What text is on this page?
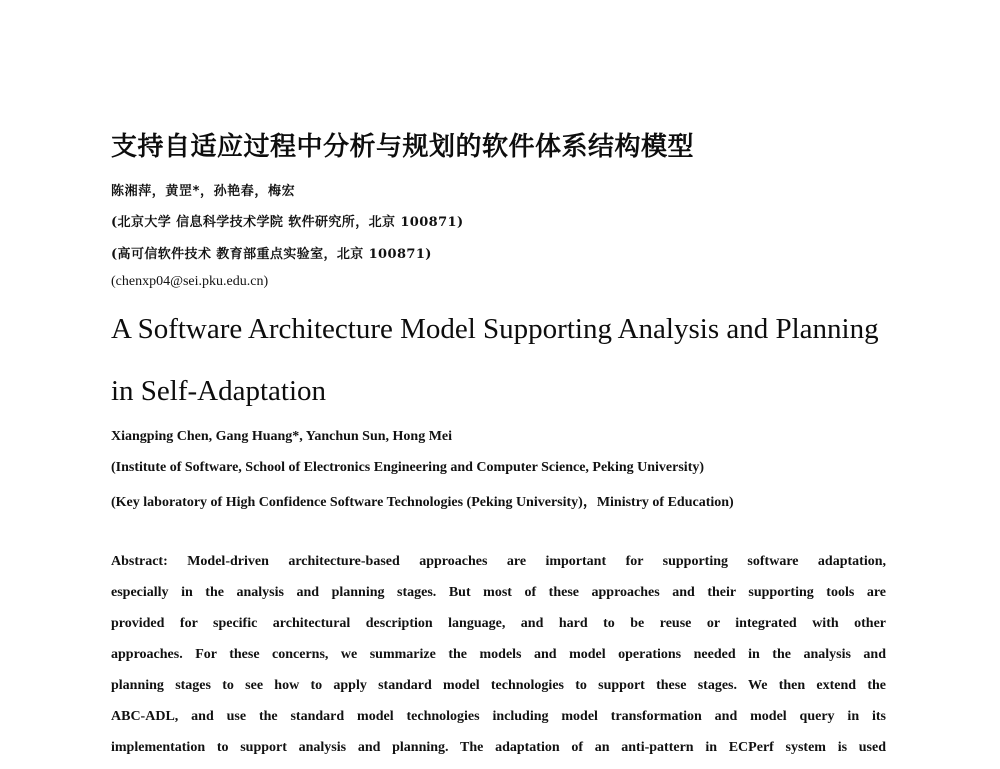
支持自适应过程中分析与规划的软件体系结构模型
陈湘萍，黄罡*，孙艳春，梅宏
(北京大学 信息科学技术学院 软件研究所，北京 100871)
(高可信软件技术 教育部重点实验室，北京 100871)
(chenxp04@sei.pku.edu.cn)
A Software Architecture Model Supporting Analysis and Planning
in Self-Adaptation
Xiangping Chen, Gang Huang*, Yanchun Sun, Hong Mei
(Institute of Software, School of Electronics Engineering and Computer Science, Peking University)
(Key laboratory of High Confidence Software Technologies (Peking University)，Ministry of Education)
Abstract: Model-driven architecture-based approaches are important for supporting software adaptation,
especially in the analysis and planning stages. But most of these approaches and their supporting tools are
provided for specific architectural description language, and hard to be reuse or integrated with other
approaches. For these concerns, we summarize the models and model operations needed in the analysis and
planning stages to see how to apply standard model technologies to support these stages. We then extend the
ABC-ADL, and use the standard model technologies including model transformation and model query in its
implementation to support analysis and planning. The adaptation of an anti-pattern in ECPerf system is used
